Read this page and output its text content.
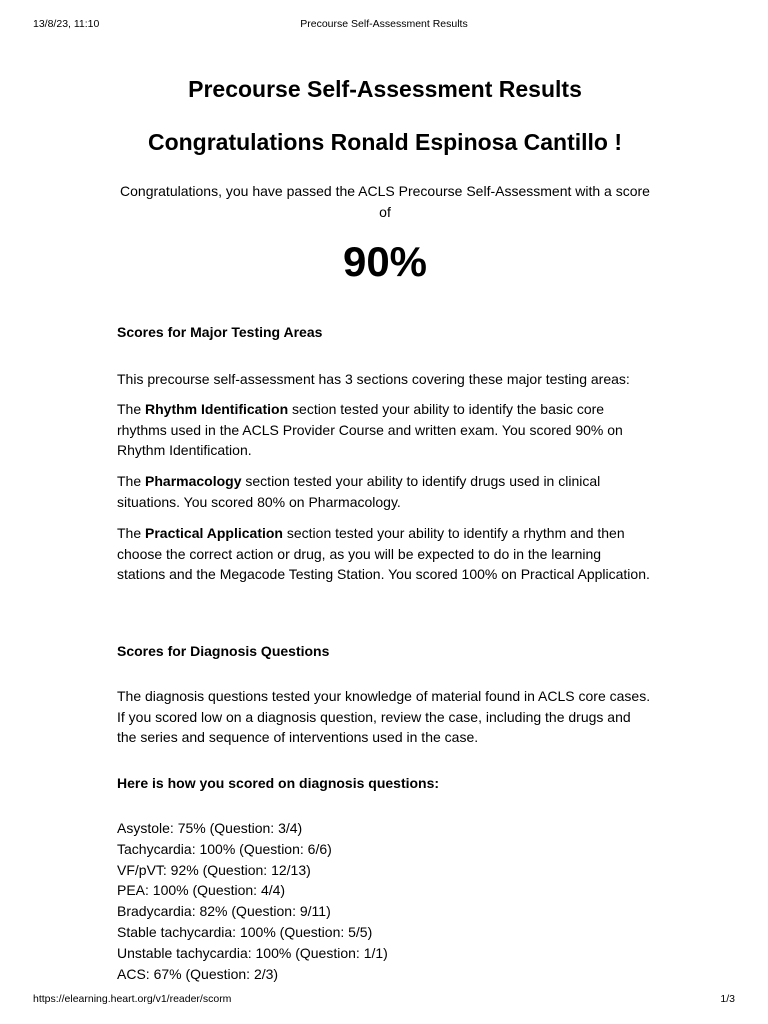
13/8/23, 11:10	Precourse Self-Assessment Results
Precourse Self-Assessment Results
Congratulations Ronald Espinosa Cantillo !
Congratulations, you have passed the ACLS Precourse Self-Assessment with a score of
90%
Scores for Major Testing Areas
This precourse self-assessment has 3 sections covering these major testing areas:
The Rhythm Identification section tested your ability to identify the basic core rhythms used in the ACLS Provider Course and written exam. You scored 90% on Rhythm Identification.
The Pharmacology section tested your ability to identify drugs used in clinical situations. You scored 80% on Pharmacology.
The Practical Application section tested your ability to identify a rhythm and then choose the correct action or drug, as you will be expected to do in the learning stations and the Megacode Testing Station. You scored 100% on Practical Application.
Scores for Diagnosis Questions
The diagnosis questions tested your knowledge of material found in ACLS core cases. If you scored low on a diagnosis question, review the case, including the drugs and the series and sequence of interventions used in the case.
Here is how you scored on diagnosis questions:
Asystole: 75% (Question: 3/4)
Tachycardia: 100% (Question: 6/6)
VF/pVT: 92% (Question: 12/13)
PEA: 100% (Question: 4/4)
Bradycardia: 82% (Question: 9/11)
Stable tachycardia: 100% (Question: 5/5)
Unstable tachycardia: 100% (Question: 1/1)
ACS: 67% (Question: 2/3)
https://elearning.heart.org/v1/reader/scorm	1/3
